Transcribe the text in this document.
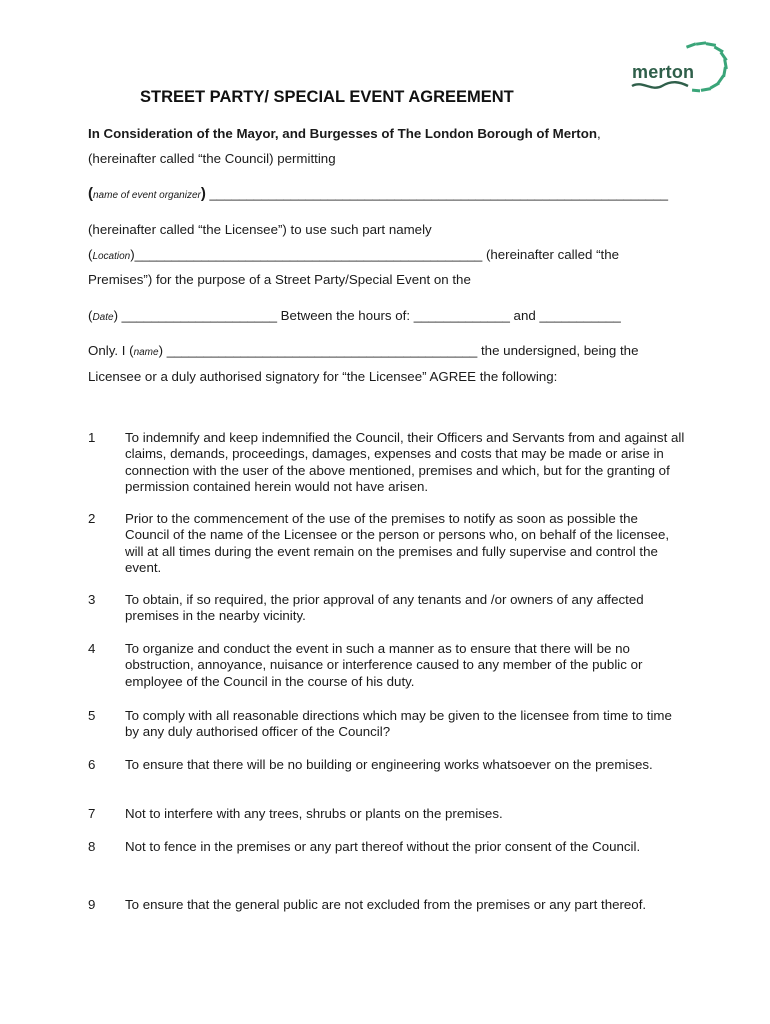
merton
STREET PARTY/ SPECIAL EVENT AGREEMENT
In Consideration of the Mayor, and Burgesses of The London Borough of Merton,
(hereinafter called “the Council) permitting
(name of event organizer) ______________________________________________________________
(hereinafter called “the Licensee”) to use such part namely
(Location)_______________________________________________ (hereinafter called “the
Premises”) for the purpose of a Street Party/Special Event on the
(Date) _____________________ Between the hours of: _____________ and ___________
Only. I (name) __________________________________________ the undersigned, being the
Licensee or a duly authorised signatory for “the Licensee” AGREE the following:
1 To indemnify and keep indemnified the Council, their Officers and Servants from and against all claims, demands, proceedings, damages, expenses and costs that may be made or arise in connection with the user of the above mentioned, premises and which, but for the granting of permission contained herein would not have arisen.
2 Prior to the commencement of the use of the premises to notify as soon as possible the Council of the name of the Licensee or the person or persons who, on behalf of the licensee, will at all times during the event remain on the premises and fully supervise and control the event.
3 To obtain, if so required, the prior approval of any tenants and /or owners of any affected premises in the nearby vicinity.
4 To organize and conduct the event in such a manner as to ensure that there will be no obstruction, annoyance, nuisance or interference caused to any member of the public or employee of the Council in the course of his duty.
5 To comply with all reasonable directions which may be given to the licensee from time to time by any duly authorised officer of the Council?
6 To ensure that there will be no building or engineering works whatsoever on the premises.
7 Not to interfere with any trees, shrubs or plants on the premises.
8 Not to fence in the premises or any part thereof without the prior consent of the Council.
9 To ensure that the general public are not excluded from the premises or any part thereof.
